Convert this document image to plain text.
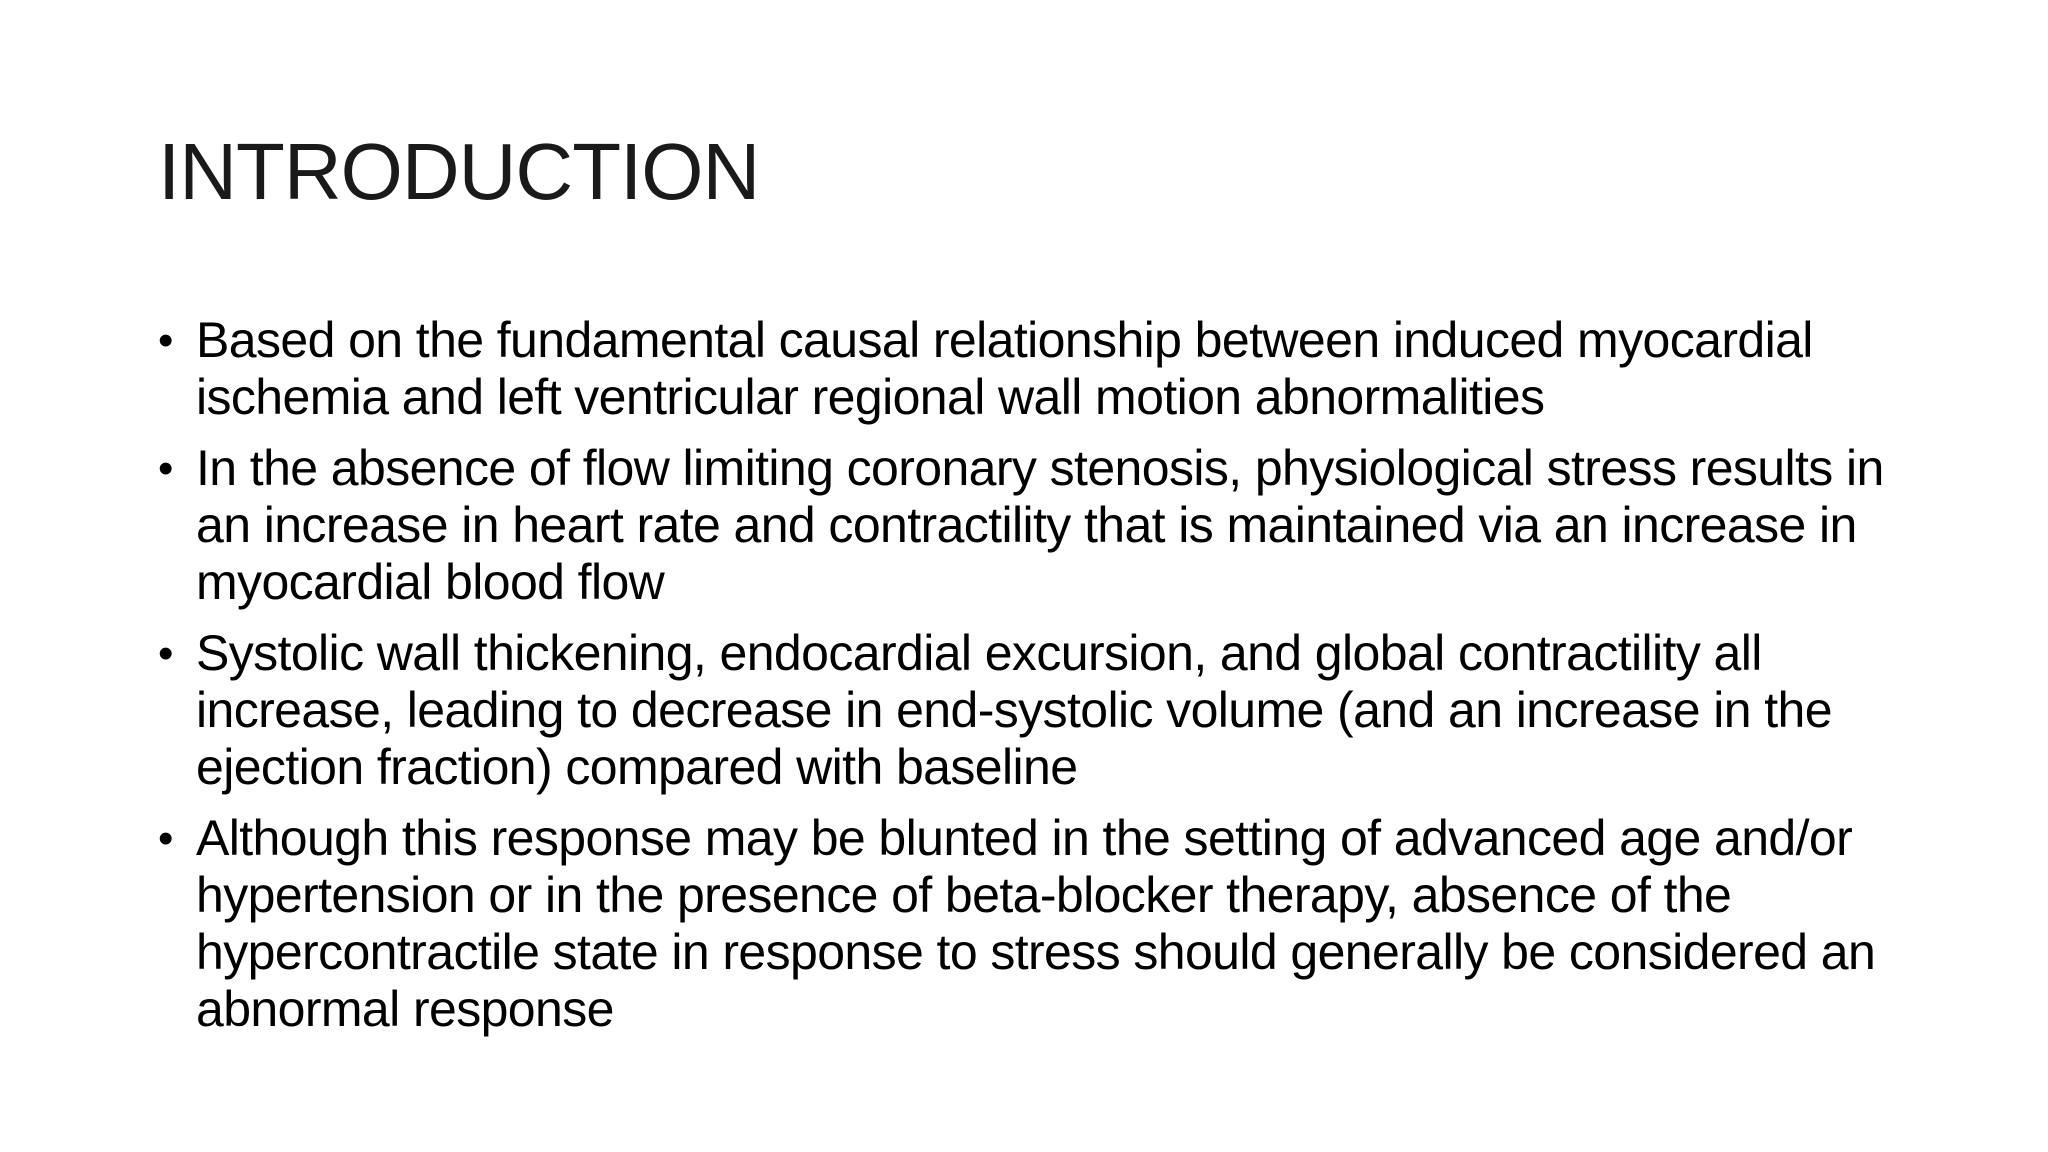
INTRODUCTION
• Based on the fundamental causal relationship between induced myocardial ischemia and left ventricular regional wall motion abnormalities
• In the absence of flow limiting coronary stenosis, physiological stress results in an increase in heart rate and contractility that is maintained via an increase in myocardial blood flow
• Systolic wall thickening, endocardial excursion, and global contractility all increase, leading to decrease in end-systolic volume (and an increase in the ejection fraction) compared with baseline
• Although this response may be blunted in the setting of advanced age and/or hypertension or in the presence of beta-blocker therapy, absence of the hypercontractile state in response to stress should generally be considered an abnormal response
